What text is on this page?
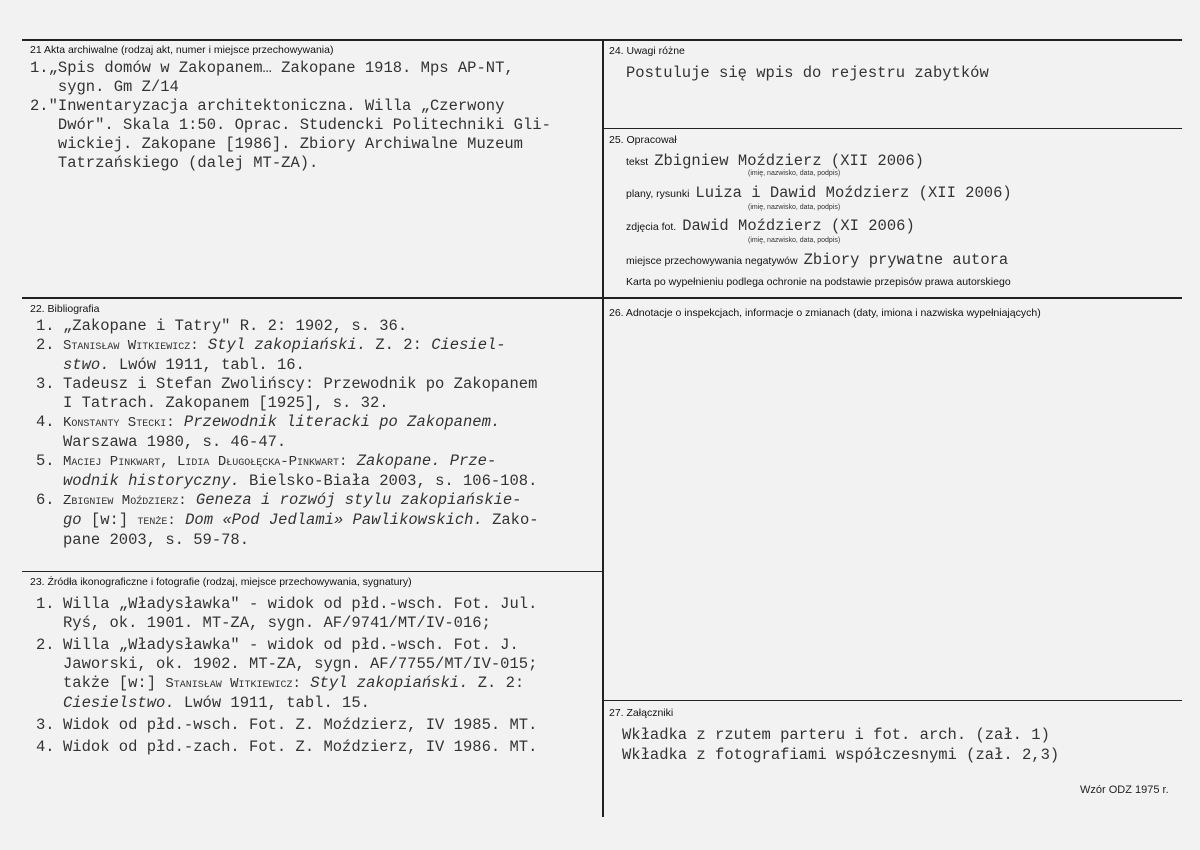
21 Akta archiwalne (rodzaj akt, numer i miejsce przechowywania)
1.„Spis domów w Zakopanem… Zakopane 1918. Mps AP-NT,
sygn. Gm Z/14
2."Inwentaryzacja architektoniczna. Willa „Czerwony
Dwór". Skala 1:50. Oprac. Studencki Politechniki Gli-
wickiej. Zakopane [1986]. Zbiory Archiwalne Muzeum
Tatrzańskiego (dalej MT-ZA).
22. Bibliografia
1. „Zakopane i Tatry" R. 2: 1902, s. 36.
2. Stanisław Witkiewicz: Styl zakopiański. Z. 2: Ciesiel-
stwo. Lwów 1911, tabl. 16.
3. Tadeusz i Stefan Zwolińscy: Przewodnik po Zakopanem
I Tatrach. Zakopanem [1925], s. 32.
4. Konstanty Stecki: Przewodnik literacki po Zakopanem.
Warszawa 1980, s. 46-47.
5. Maciej Pinkwart, Lidia Długołęcka-Pinkwart: Zakopane. Prze-
wodnik historyczny. Bielsko-Biała 2003, s. 106-108.
6. Zbigniew Moździerz: Geneza i rozwój stylu zakopiańskie-
go [w:] tenże: Dom «Pod Jedlami» Pawlikowskich. Zako-
pane 2003, s. 59-78.
23. Źródła ikonograficzne i fotografie (rodzaj, miejsce przechowywania, sygnatury)
1. Willa „Władysławka" - widok od płd.-wsch. Fot. Jul.
Ryś, ok. 1901. MT-ZA, sygn. AF/9741/MT/IV-016;
2. Willa „Władysławka" - widok od płd.-wsch. Fot. J.
Jaworski, ok. 1902. MT-ZA, sygn. AF/7755/MT/IV-015;
także [w:] Stanisław Witkiewicz: Styl zakopiański. Z. 2:
Ciesielstwo. Lwów 1911, tabl. 15.
3. Widok od płd.-wsch. Fot. Z. Moździerz, IV 1985. MT.
4. Widok od płd.-zach. Fot. Z. Moździerz, IV 1986. MT.
24. Uwagi różne
Postuluje się wpis do rejestru zabytków
25. Opracował
tekst Zbigniew Moździerz (XII 2006)
(imię, nazwisko, data, podpis)
plany, rysunki Luiza i Dawid Moździerz (XII 2006)
(imię, nazwisko, data, podpis)
zdjęcia fot. Dawid Moździerz (XI 2006)
(imię, nazwisko, data, podpis)
miejsce przechowywania negatywów Zbiory prywatne autora
Karta po wypełnieniu podlega ochronie na podstawie przepisów prawa autorskiego
26. Adnotacje o inspekcjach, informacje o zmianach (daty, imiona i nazwiska wypełniających)
27. Załączniki
Wkładka z rzutem parteru i fot. arch. (zał. 1)
Wkładka z fotografiami współczesnymi (zał. 2,3)
Wzór ODZ 1975 r.
